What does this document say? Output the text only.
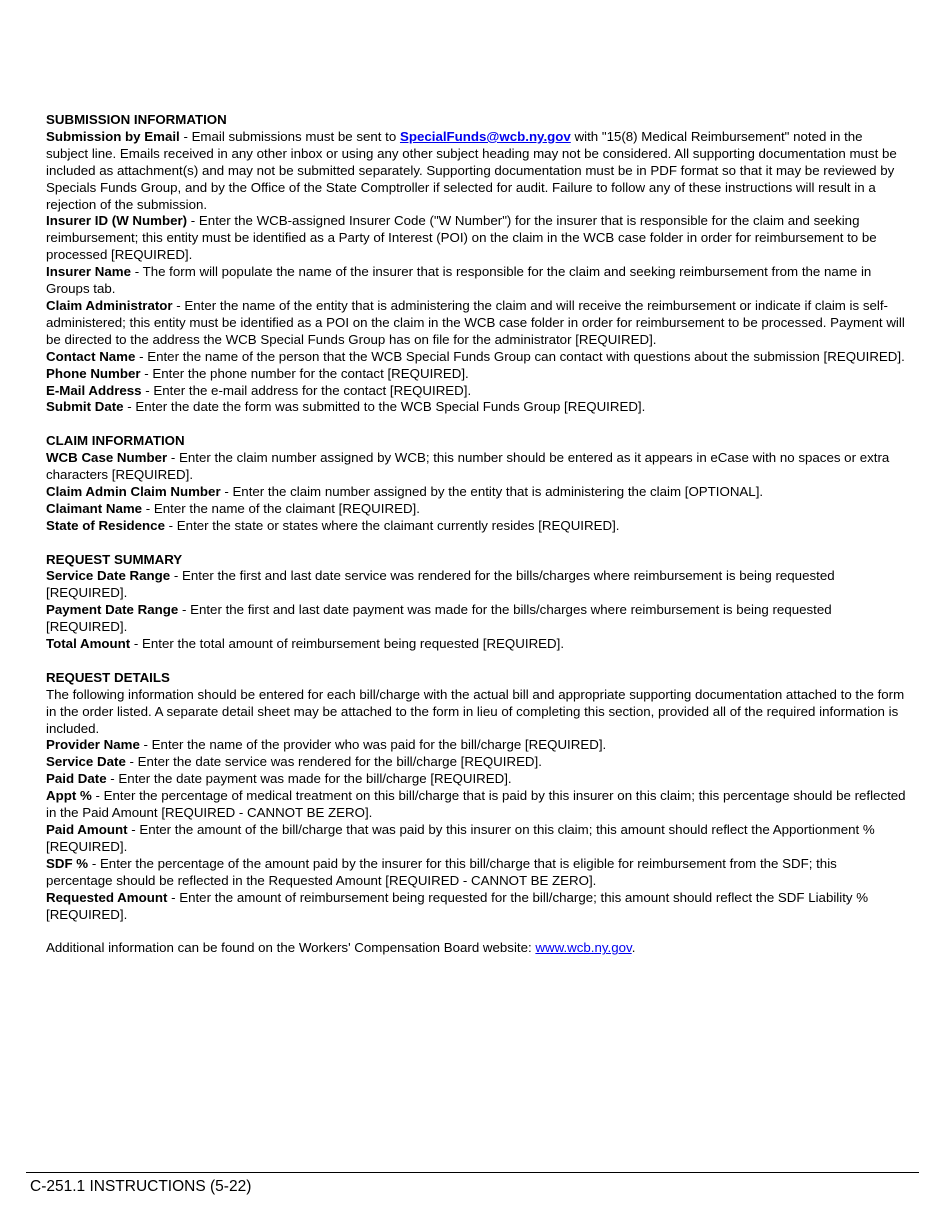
SUBMISSION INFORMATION

Submission by Email - Email submissions must be sent to SpecialFunds@wcb.ny.gov with "15(8) Medical Reimbursement" noted in the subject line. Emails received in any other inbox or using any other subject heading may not be considered. All supporting documentation must be included as attachment(s) and may not be submitted separately. Supporting documentation must be in PDF format so that it may be reviewed by Specials Funds Group, and by the Office of the State Comptroller if selected for audit. Failure to follow any of these instructions will result in a rejection of the submission.

Insurer ID (W Number) - Enter the WCB-assigned Insurer Code ("W Number") for the insurer that is responsible for the claim and seeking reimbursement; this entity must be identified as a Party of Interest (POI) on the claim in the WCB case folder in order for reimbursement to be processed [REQUIRED].

Insurer Name - The form will populate the name of the insurer that is responsible for the claim and seeking reimbursement from the name in Groups tab.

Claim Administrator - Enter the name of the entity that is administering the claim and will receive the reimbursement or indicate if claim is self-administered; this entity must be identified as a POI on the claim in the WCB case folder in order for reimbursement to be processed. Payment will be directed to the address the WCB Special Funds Group has on file for the administrator [REQUIRED].

Contact Name - Enter the name of the person that the WCB Special Funds Group can contact with questions about the submission [REQUIRED].

Phone Number - Enter the phone number for the contact [REQUIRED].

E-Mail Address - Enter the e-mail address for the contact [REQUIRED].

Submit Date - Enter the date the form was submitted to the WCB Special Funds Group [REQUIRED].

CLAIM INFORMATION

WCB Case Number - Enter the claim number assigned by WCB; this number should be entered as it appears in eCase with no spaces or extra characters [REQUIRED].

Claim Admin Claim Number - Enter the claim number assigned by the entity that is administering the claim [OPTIONAL].

Claimant Name - Enter the name of the claimant [REQUIRED].

State of Residence - Enter the state or states where the claimant currently resides [REQUIRED].

REQUEST SUMMARY

Service Date Range - Enter the first and last date service was rendered for the bills/charges where reimbursement is being requested [REQUIRED].

Payment Date Range - Enter the first and last date payment was made for the bills/charges where reimbursement is being requested [REQUIRED].

Total Amount - Enter the total amount of reimbursement being requested [REQUIRED].

REQUEST DETAILS

The following information should be entered for each bill/charge with the actual bill and appropriate supporting documentation attached to the form in the order listed. A separate detail sheet may be attached to the form in lieu of completing this section, provided all of the required information is included.

Provider Name - Enter the name of the provider who was paid for the bill/charge [REQUIRED].

Service Date - Enter the date service was rendered for the bill/charge [REQUIRED].

Paid Date - Enter the date payment was made for the bill/charge [REQUIRED].

Appt % - Enter the percentage of medical treatment on this bill/charge that is paid by this insurer on this claim; this percentage should be reflected in the Paid Amount [REQUIRED - CANNOT BE ZERO].

Paid Amount - Enter the amount of the bill/charge that was paid by this insurer on this claim; this amount should reflect the Apportionment % [REQUIRED].

SDF % - Enter the percentage of the amount paid by the insurer for this bill/charge that is eligible for reimbursement from the SDF; this percentage should be reflected in the Requested Amount [REQUIRED - CANNOT BE ZERO].

Requested Amount - Enter the amount of reimbursement being requested for the bill/charge; this amount should reflect the SDF Liability % [REQUIRED].

Additional information can be found on the Workers' Compensation Board website: www.wcb.ny.gov.

C-251.1 INSTRUCTIONS (5-22)
